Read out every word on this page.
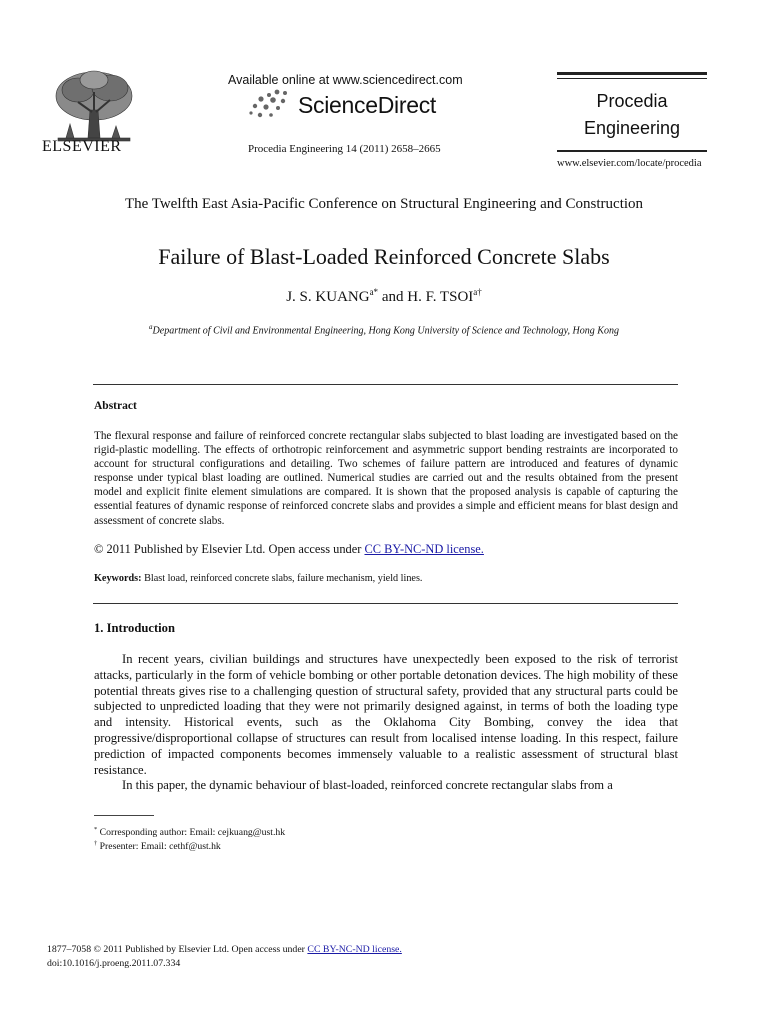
ELSEVIER
Available online at www.sciencedirect.com
ScienceDirect
Procedia Engineering 14 (2011) 2658–2665
Procedia
Engineering
www.elsevier.com/locate/procedia
The Twelfth East Asia-Pacific Conference on Structural Engineering and Construction
Failure of Blast-Loaded Reinforced Concrete Slabs
J. S. $KUANG^{a*}$ and H. F. $TSOI^{a\dagger}$
$^a$Department of Civil and Environmental Engineering, Hong Kong University of Science and Technology, Hong Kong
Abstract
The flexural response and failure of reinforced concrete rectangular slabs subjected to blast loading are investigated based on the rigid-plastic modelling. The effects of orthotropic reinforcement and asymmetric support bending restraints are incorporated to account for structural configurations and detailing. Two schemes of failure pattern are introduced and features of dynamic response under typical blast loading are outlined. Numerical studies are carried out and the results obtained from the present model and explicit finite element simulations are compared. It is shown that the proposed analysis is capable of capturing the essential features of dynamic response of reinforced concrete slabs and provides a simple and efficient means for blast design and assessment of concrete slabs.
© 2011 Published by Elsevier Ltd. Open access under CC BY-NC-ND license.
Keywords: Blast load, reinforced concrete slabs, failure mechanism, yield lines.
1. Introduction

In recent years, civilian buildings and structures have unexpectedly been exposed to the risk of terrorist attacks, particularly in the form of vehicle bombing or other portable detonation devices. The high mobility of these potential threats gives rise to a challenging question of structural safety, provided that any structural parts could be subjected to unpredicted loading that they were not primarily designed against, in terms of both the loading type and intensity. Historical events, such as the Oklahoma City Bombing, convey the idea that progressive/disproportional collapse of structures can result from localised intense loading. In this respect, failure prediction of impacted components becomes immensely valuable to a realistic assessment of structural blast resistance.

In this paper, the dynamic behaviour of blast-loaded, reinforced concrete rectangular slabs from a

* Corresponding author: Email: cejkuang@ust.hk
† Presenter: Email: cethf@ust.hk
1877–7058 © 2011 Published by Elsevier Ltd. Open access under CC BY-NC-ND license.
doi:10.1016/j.proeng.2011.07.334
